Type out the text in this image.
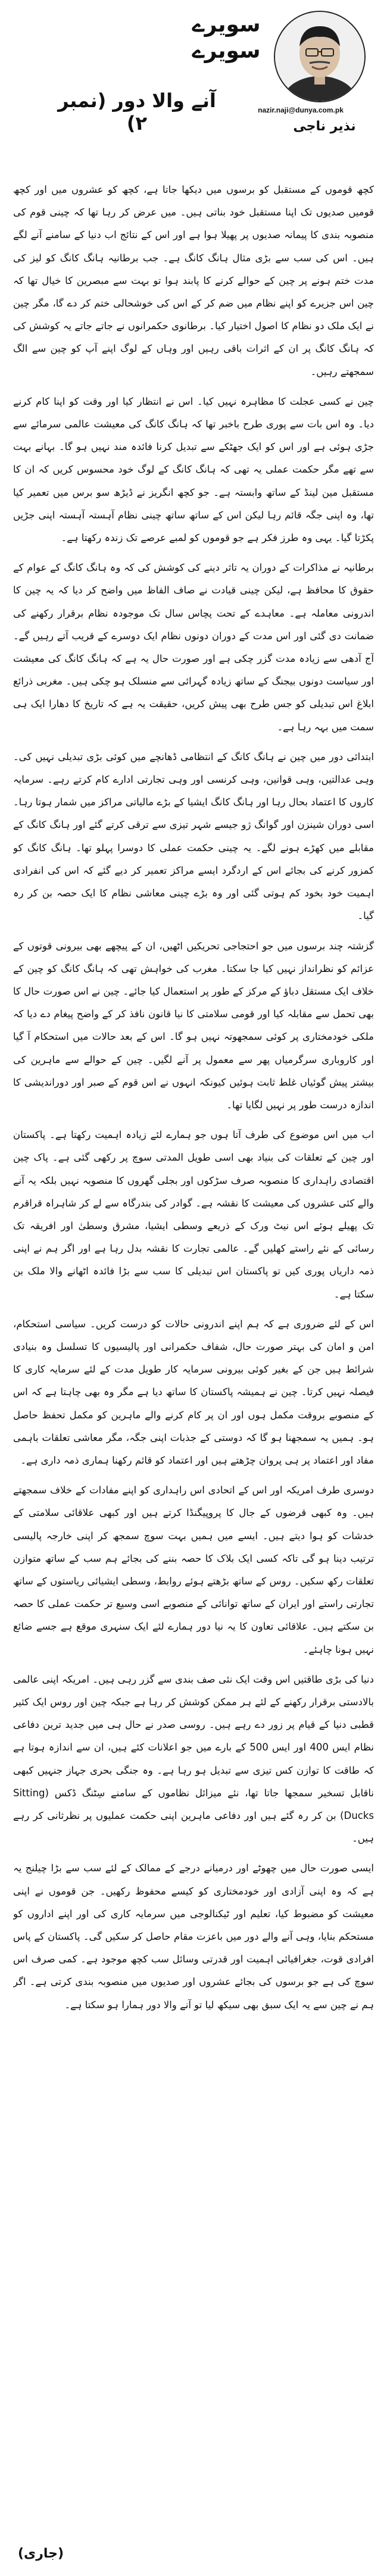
سویرے
سویرے
nazir.naji@dunya.com.pk
نذیر ناجی
آنے والا دور (نمبر ۲)

کچھ قوموں کے مستقبل کو برسوں میں دیکھا جاتا ہے، کچھ کو عشروں میں اور کچھ قومیں صدیوں تک اپنا مستقبل خود بناتی ہیں۔ میں عرض کر رہا تھا کہ چینی قوم کی منصوبہ بندی کا پیمانہ صدیوں پر پھیلا ہوا ہے اور اس کے نتائج اب دنیا کے سامنے آنے لگے ہیں۔ اس کی سب سے بڑی مثال ہانگ کانگ ہے۔ جب برطانیہ ہانگ کانگ کو لیز کی مدت ختم ہونے پر چین کے حوالے کرنے کا پابند ہوا تو بہت سے مبصرین کا خیال تھا کہ چین اس جزیرے کو اپنے نظام میں ضم کر کے اس کی خوشحالی ختم کر دے گا، مگر چین نے ایک ملک دو نظام کا اصول اختیار کیا۔ برطانوی حکمرانوں نے جاتے جاتے یہ کوشش کی کہ ہانگ کانگ پر ان کے اثرات باقی رہیں اور وہاں کے لوگ اپنے آپ کو چین سے الگ سمجھتے رہیں۔

چین نے کسی عجلت کا مظاہرہ نہیں کیا۔ اس نے انتظار کیا اور وقت کو اپنا کام کرنے دیا۔ وہ اس بات سے پوری طرح باخبر تھا کہ ہانگ کانگ کی معیشت عالمی سرمائے سے جڑی ہوئی ہے اور اس کو ایک جھٹکے سے تبدیل کرنا فائدہ مند نہیں ہو گا۔ بہانے بہت سے تھے مگر حکمت عملی یہ تھی کہ ہانگ کانگ کے لوگ خود محسوس کریں کہ ان کا مستقبل مین لینڈ کے ساتھ وابستہ ہے۔ جو کچھ انگریز نے ڈیڑھ سو برس میں تعمیر کیا تھا، وہ اپنی جگہ قائم رہا لیکن اس کے ساتھ ساتھ چینی نظام آہستہ آہستہ اپنی جڑیں پکڑتا گیا۔ یہی وہ طرز فکر ہے جو قوموں کو لمبے عرصے تک زندہ رکھتا ہے۔

برطانیہ نے مذاکرات کے دوران یہ تاثر دینے کی کوشش کی کہ وہ ہانگ کانگ کے عوام کے حقوق کا محافظ ہے، لیکن چینی قیادت نے صاف الفاظ میں واضح کر دیا کہ یہ چین کا اندرونی معاملہ ہے۔ معاہدے کے تحت پچاس سال تک موجودہ نظام برقرار رکھنے کی ضمانت دی گئی اور اس مدت کے دوران دونوں نظام ایک دوسرے کے قریب آتے رہیں گے۔ آج آدھی سے زیادہ مدت گزر چکی ہے اور صورت حال یہ ہے کہ ہانگ کانگ کی معیشت اور سیاست دونوں بیجنگ کے ساتھ زیادہ گہرائی سے منسلک ہو چکی ہیں۔ مغربی ذرائع ابلاغ اس تبدیلی کو جس طرح بھی پیش کریں، حقیقت یہ ہے کہ تاریخ کا دھارا ایک ہی سمت میں بہہ رہا ہے۔

ابتدائی دور میں چین نے ہانگ کانگ کے انتظامی ڈھانچے میں کوئی بڑی تبدیلی نہیں کی۔ وہی عدالتیں، وہی قوانین، وہی کرنسی اور وہی تجارتی ادارے کام کرتے رہے۔ سرمایہ کاروں کا اعتماد بحال رہا اور ہانگ کانگ ایشیا کے بڑے مالیاتی مراکز میں شمار ہوتا رہا۔ اسی دوران شینزن اور گوانگ ژو جیسے شہر تیزی سے ترقی کرتے گئے اور ہانگ کانگ کے مقابلے میں کھڑے ہونے لگے۔ یہ چینی حکمت عملی کا دوسرا پہلو تھا۔ ہانگ کانگ کو کمزور کرنے کی بجائے اس کے اردگرد ایسے مراکز تعمیر کر دیے گئے کہ اس کی انفرادی اہمیت خود بخود کم ہوتی گئی اور وہ بڑے چینی معاشی نظام کا ایک حصہ بن کر رہ گیا۔

گزشتہ چند برسوں میں جو احتجاجی تحریکیں اٹھیں، ان کے پیچھے بھی بیرونی قوتوں کے عزائم کو نظرانداز نہیں کیا جا سکتا۔ مغرب کی خواہش تھی کہ ہانگ کانگ کو چین کے خلاف ایک مستقل دباؤ کے مرکز کے طور پر استعمال کیا جائے۔ چین نے اس صورت حال کا بھی تحمل سے مقابلہ کیا اور قومی سلامتی کا نیا قانون نافذ کر کے واضح پیغام دے دیا کہ ملکی خودمختاری پر کوئی سمجھوتہ نہیں ہو گا۔ اس کے بعد حالات میں استحکام آ گیا اور کاروباری سرگرمیاں پھر سے معمول پر آنے لگیں۔ چین کے حوالے سے ماہرین کی بیشتر پیش گوئیاں غلط ثابت ہوئیں کیونکہ انہوں نے اس قوم کے صبر اور دوراندیشی کا اندازہ درست طور پر نہیں لگایا تھا۔

اب میں اس موضوع کی طرف آتا ہوں جو ہمارے لئے زیادہ اہمیت رکھتا ہے۔ پاکستان اور چین کے تعلقات کی بنیاد بھی اسی طویل المدتی سوچ پر رکھی گئی ہے۔ پاک چین اقتصادی راہداری کا منصوبہ صرف سڑکوں اور بجلی گھروں کا منصوبہ نہیں بلکہ یہ آنے والے کئی عشروں کی معیشت کا نقشہ ہے۔ گوادر کی بندرگاہ سے لے کر شاہراہ قراقرم تک پھیلے ہوئے اس نیٹ ورک کے ذریعے وسطی ایشیا، مشرق وسطیٰ اور افریقہ تک رسائی کے نئے راستے کھلیں گے۔ عالمی تجارت کا نقشہ بدل رہا ہے اور اگر ہم نے اپنی ذمہ داریاں پوری کیں تو پاکستان اس تبدیلی کا سب سے بڑا فائدہ اٹھانے والا ملک بن سکتا ہے۔

اس کے لئے ضروری ہے کہ ہم اپنے اندرونی حالات کو درست کریں۔ سیاسی استحکام، امن و امان کی بہتر صورت حال، شفاف حکمرانی اور پالیسیوں کا تسلسل وہ بنیادی شرائط ہیں جن کے بغیر کوئی بیرونی سرمایہ کار طویل مدت کے لئے سرمایہ کاری کا فیصلہ نہیں کرتا۔ چین نے ہمیشہ پاکستان کا ساتھ دیا ہے مگر وہ بھی چاہتا ہے کہ اس کے منصوبے بروقت مکمل ہوں اور ان پر کام کرنے والے ماہرین کو مکمل تحفظ حاصل ہو۔ ہمیں یہ سمجھنا ہو گا کہ دوستی کے جذبات اپنی جگہ، مگر معاشی تعلقات باہمی مفاد اور اعتماد پر ہی پروان چڑھتے ہیں اور اعتماد کو قائم رکھنا ہماری ذمہ داری ہے۔

دوسری طرف امریکہ اور اس کے اتحادی اس راہداری کو اپنے مفادات کے خلاف سمجھتے ہیں۔ وہ کبھی قرضوں کے جال کا پروپیگنڈا کرتے ہیں اور کبھی علاقائی سلامتی کے خدشات کو ہوا دیتے ہیں۔ ایسے میں ہمیں بہت سوچ سمجھ کر اپنی خارجہ پالیسی ترتیب دینا ہو گی تاکہ کسی ایک بلاک کا حصہ بننے کی بجائے ہم سب کے ساتھ متوازن تعلقات رکھ سکیں۔ روس کے ساتھ بڑھتے ہوئے روابط، وسطی ایشیائی ریاستوں کے ساتھ تجارتی راستے اور ایران کے ساتھ توانائی کے منصوبے اسی وسیع تر حکمت عملی کا حصہ بن سکتے ہیں۔ علاقائی تعاون کا یہ نیا دور ہمارے لئے ایک سنہری موقع ہے جسے ضائع نہیں ہونا چاہئے۔

دنیا کی بڑی طاقتیں اس وقت ایک نئی صف بندی سے گزر رہی ہیں۔ امریکہ اپنی عالمی بالادستی برقرار رکھنے کے لئے ہر ممکن کوشش کر رہا ہے جبکہ چین اور روس ایک کثیر قطبی دنیا کے قیام پر زور دے رہے ہیں۔ روسی صدر نے حال ہی میں جدید ترین دفاعی نظام ایس 400 اور ایس 500 کے بارے میں جو اعلانات کئے ہیں، ان سے اندازہ ہوتا ہے کہ طاقت کا توازن کس تیزی سے تبدیل ہو رہا ہے۔ وہ جنگی بحری جہاز جنہیں کبھی ناقابل تسخیر سمجھا جاتا تھا، نئے میزائل نظاموں کے سامنے سِٹنگ ڈکس (Sitting Ducks) بن کر رہ گئے ہیں اور دفاعی ماہرین اپنی حکمت عملیوں پر نظرثانی کر رہے ہیں۔

ایسی صورت حال میں چھوٹے اور درمیانے درجے کے ممالک کے لئے سب سے بڑا چیلنج یہ ہے کہ وہ اپنی آزادی اور خودمختاری کو کیسے محفوظ رکھیں۔ جن قوموں نے اپنی معیشت کو مضبوط کیا، تعلیم اور ٹیکنالوجی میں سرمایہ کاری کی اور اپنے اداروں کو مستحکم بنایا، وہی آنے والے دور میں باعزت مقام حاصل کر سکیں گی۔ پاکستان کے پاس افرادی قوت، جغرافیائی اہمیت اور قدرتی وسائل سب کچھ موجود ہے۔ کمی صرف اس سوچ کی ہے جو برسوں کی بجائے عشروں اور صدیوں میں منصوبہ بندی کرتی ہے۔ اگر ہم نے چین سے یہ ایک سبق بھی سیکھ لیا تو آنے والا دور ہمارا ہو سکتا ہے۔

(جاری)
